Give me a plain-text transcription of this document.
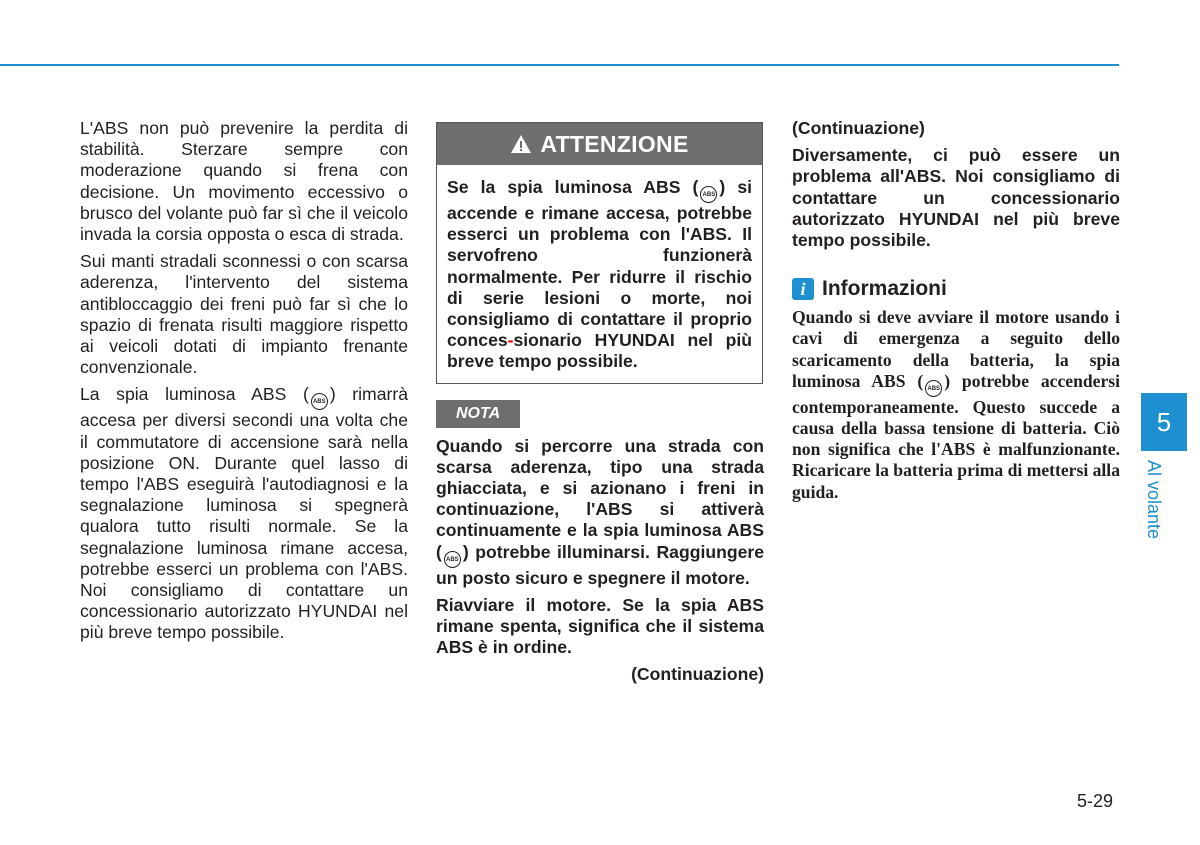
L'ABS non può prevenire la perdita di stabilità. Sterzare sempre con moderazione quando si frena con decisione. Un movimento eccessivo o brusco del volante può far sì che il veicolo invada la corsia opposta o esca di strada.

Sui manti stradali sconnessi o con scarsa aderenza, l'intervento del sistema antibloccaggio dei freni può far sì che lo spazio di frenata risulti maggiore rispetto ai veicoli dotati di impianto frenante convenzionale.

La spia luminosa ABS ( ABS ) rimarrà accesa per diversi secondi una volta che il commutatore di accensione sarà nella posizione ON. Durante quel lasso di tempo l'ABS eseguirà l'autodiagnosi e la segnalazione luminosa si spegnerà qualora tutto risulti normale. Se la segnalazione luminosa rimane accesa, potrebbe esserci un problema con l'ABS. Noi consigliamo di contattare un concessionario autorizzato HYUNDAI nel più breve tempo possibile.

ATTENZIONE

Se la spia luminosa ABS ( ABS ) si accende e rimane accesa, potrebbe esserci un problema con l'ABS. Il servofreno funzionerà normalmente. Per ridurre il rischio di serie lesioni o morte, noi consigliamo di contattare il proprio conces-sionario HYUNDAI nel più breve tempo possibile.

NOTA

Quando si percorre una strada con scarsa aderenza, tipo una strada ghiacciata, e si azionano i freni in continuazione, l'ABS si attiverà continuamente e la spia luminosa ABS ( ABS ) potrebbe illuminarsi. Raggiungere un posto sicuro e spegnere il motore.

Riavviare il motore. Se la spia ABS rimane spenta, significa che il sistema ABS è in ordine.

(Continuazione)

(Continuazione)

Diversamente, ci può essere un problema all'ABS. Noi consigliamo di contattare un concessionario autorizzato HYUNDAI nel più breve tempo possibile.

i Informazioni

Quando si deve avviare il motore usando i cavi di emergenza a seguito dello scaricamento della batteria, la spia luminosa ABS ( ABS ) potrebbe accendersi contemporaneamente. Questo succede a causa della bassa tensione di batteria. Ciò non significa che l'ABS è malfunzionante. Ricaricare la batteria prima di mettersi alla guida.

5
Al volante
5-29
